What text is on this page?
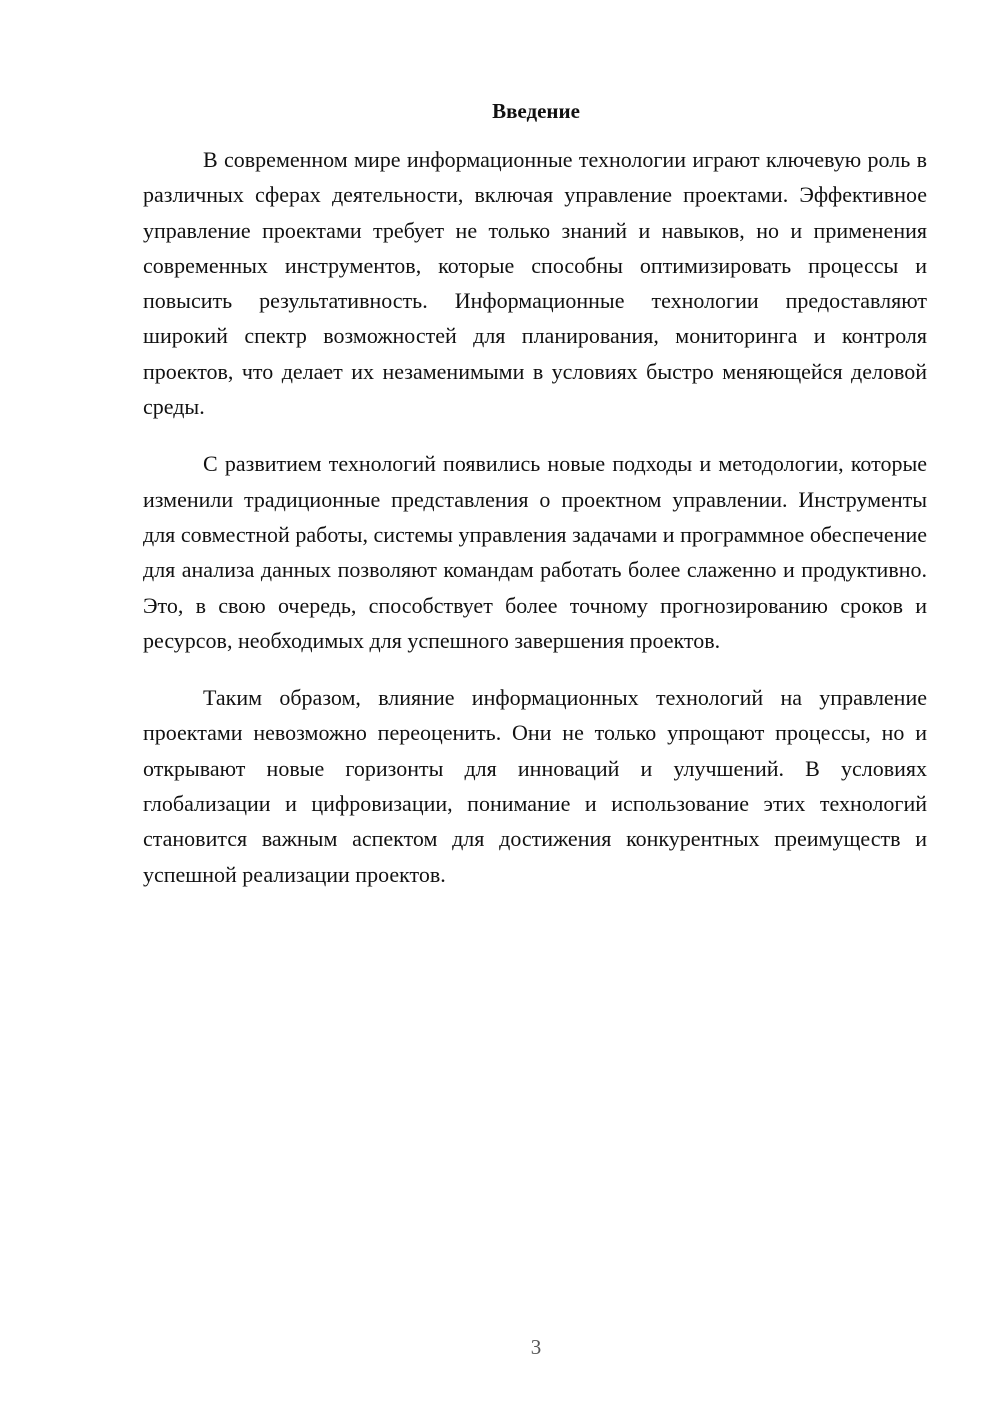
Введение

В современном мире информационные технологии играют ключевую роль в различных сферах деятельности, включая управление проектами. Эффективное управление проектами требует не только знаний и навыков, но и применения современных инструментов, которые способны оптимизировать процессы и повысить результативность. Информационные технологии предоставляют широкий спектр возможностей для планирования, мониторинга и контроля проектов, что делает их незаменимыми в условиях быстро меняющейся деловой среды.

С развитием технологий появились новые подходы и методологии, которые изменили традиционные представления о проектном управлении. Инструменты для совместной работы, системы управления задачами и программное обеспечение для анализа данных позволяют командам работать более слаженно и продуктивно. Это, в свою очередь, способствует более точному прогнозированию сроков и ресурсов, необходимых для успешного завершения проектов.

Таким образом, влияние информационных технологий на управление проектами невозможно переоценить. Они не только упрощают процессы, но и открывают новые горизонты для инноваций и улучшений. В условиях глобализации и цифровизации, понимание и использование этих технологий становится важным аспектом для достижения конкурентных преимуществ и успешной реализации проектов.

3
